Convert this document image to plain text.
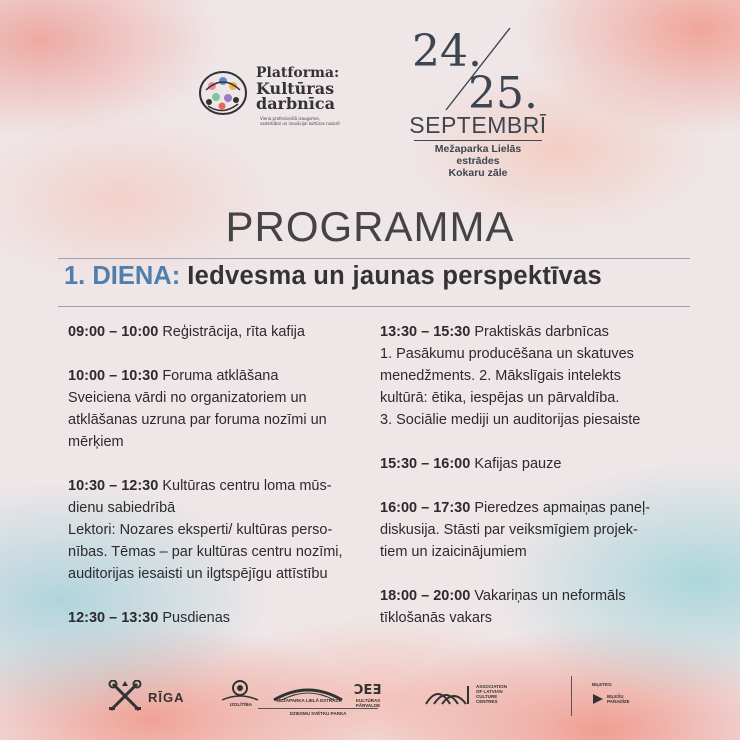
Platforma:
Kultūras
darbnīca
Viena profesionālā izaugsmei, sadarbībai un inovācijai kultūras nozarē
24.
25.
SEPTEMBRĪ
Mežaparka Lielās estrādes
Kokaru zāle
PROGRAMMA
1. DIENA: Iedvesma un jaunas perspektīvas
09:00 – 10:00 Reģistrācija, rīta kafija
10:00 – 10:30 Foruma atklāšana
Sveiciena vārdi no organizatoriem un
atklāšanas uzruna par foruma nozīmi un
mērķiem
10:30 – 12:30 Kultūras centru loma mūs-
dienu sabiedrībā
Lektori: Nozares eksperti/ kultūras perso-
nības. Tēmas – par kultūras centru nozīmi,
auditorijas iesaisti un ilgtspējīgu attīstību
12:30 – 13:30 Pusdienas
13:30 – 15:30 Praktiskās darbnīcas
1. Pasākumu producēšana un skatuves
menedžments. 2. Mākslīgais intelekts
kultūrā: ētika, iespējas un pārvaldība.
3. Sociālie mediji un auditorijas piesaiste
15:30 – 16:00 Kafijas pauze
16:00 – 17:30 Pieredzes apmaiņas paneļ-
diskusija. Stāsti par veiksmīgiem projek-
tiem un izaicinājumiem
18:00 – 20:00 Vakariņas un neformāls
tīklošanās vakars
RĪGA	IZGLĪTĪBA
MEŽAPARKA LIELĀ ESTRĀDE
ƆEƎ
KULTŪRAS PĀRVALDE
DZIESMU SVĒTKU PARKA
ASSOCIATION OF LATVIAN CULTURE CENTRES
BIĻETES:
BIĻEŠU PARADĪZE
